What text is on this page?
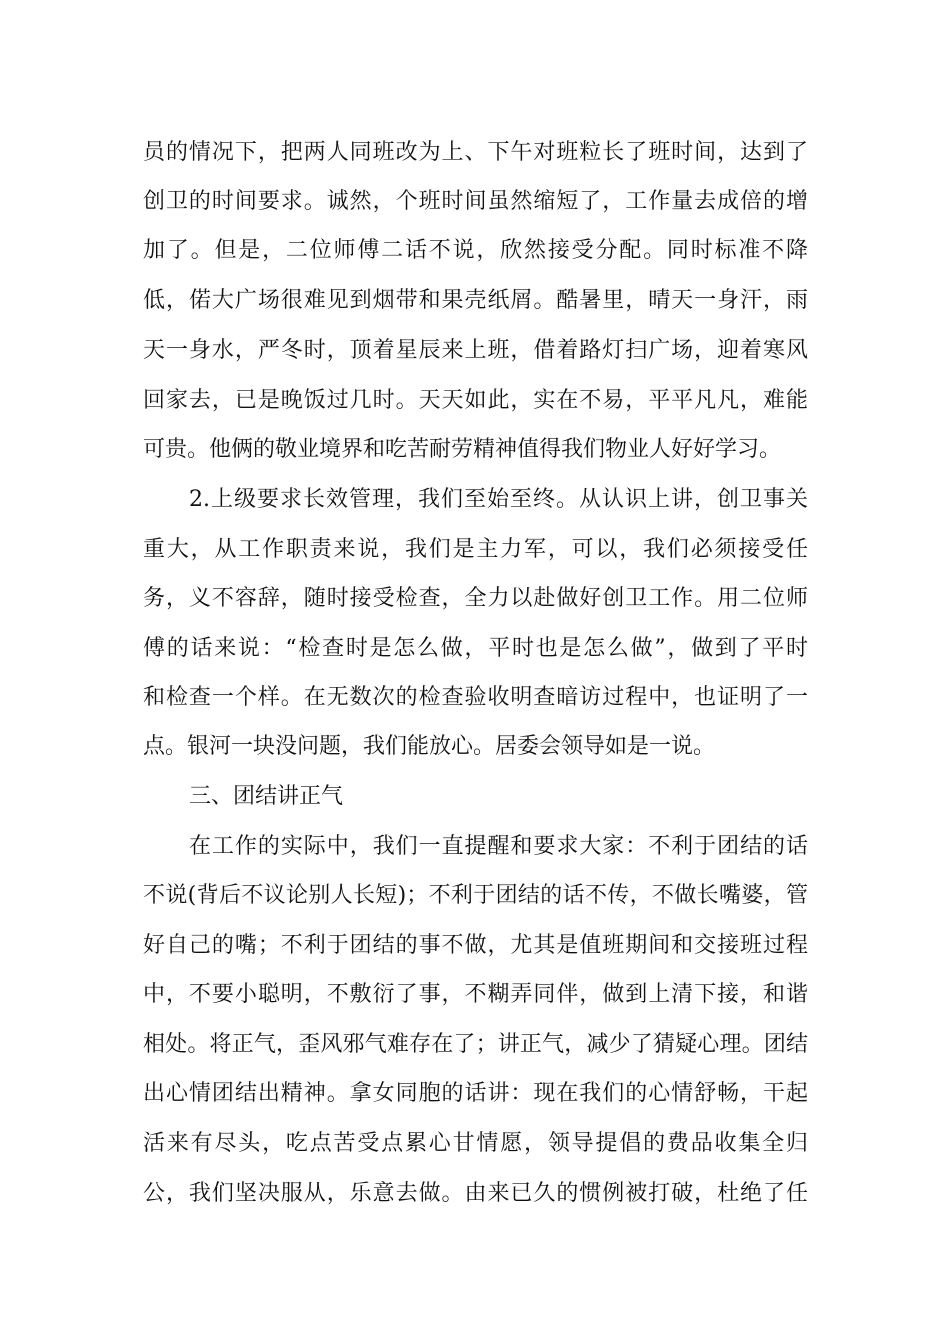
员的情况下，把两人同班改为上、下午对班粒长了班时间，达到了
创卫的时间要求。诚然，个班时间虽然缩短了，工作量去成倍的增
加了。但是，二位师傅二话不说，欣然接受分配。同时标准不降
低，偌大广场很难见到烟带和果壳纸屑。酷暑里，晴天一身汗，雨
天一身水，严冬时，顶着星辰来上班，借着路灯扫广场，迎着寒风
回家去，已是晚饭过几时。天天如此，实在不易，平平凡凡，难能
可贵。他俩的敬业境界和吃苦耐劳精神值得我们物业人好好学习。
2.上级要求长效管理，我们至始至终。从认识上讲，创卫事关
重大，从工作职责来说，我们是主力军，可以，我们必须接受任
务，义不容辞，随时接受检查，全力以赴做好创卫工作。用二位师
傅的话来说：“检查时是怎么做，平时也是怎么做”，做到了平时
和检查一个样。在无数次的检查验收明查暗访过程中，也证明了一
点。银河一块没问题，我们能放心。居委会领导如是一说。
三、团结讲正气
在工作的实际中，我们一直提醒和要求大家：不利于团结的话
不说(背后不议论别人长短)；不利于团结的话不传，不做长嘴婆，管
好自己的嘴；不利于团结的事不做，尤其是值班期间和交接班过程
中，不要小聪明，不敷衍了事，不糊弄同伴，做到上清下接，和谐
相处。将正气，歪风邪气难存在了；讲正气，减少了猜疑心理。团结
出心情团结出精神。拿女同胞的话讲：现在我们的心情舒畅，干起
活来有尽头，吃点苦受点累心甘情愿，领导提倡的费品收集全归
公，我们坚决服从，乐意去做。由来已久的惯例被打破，杜绝了任
